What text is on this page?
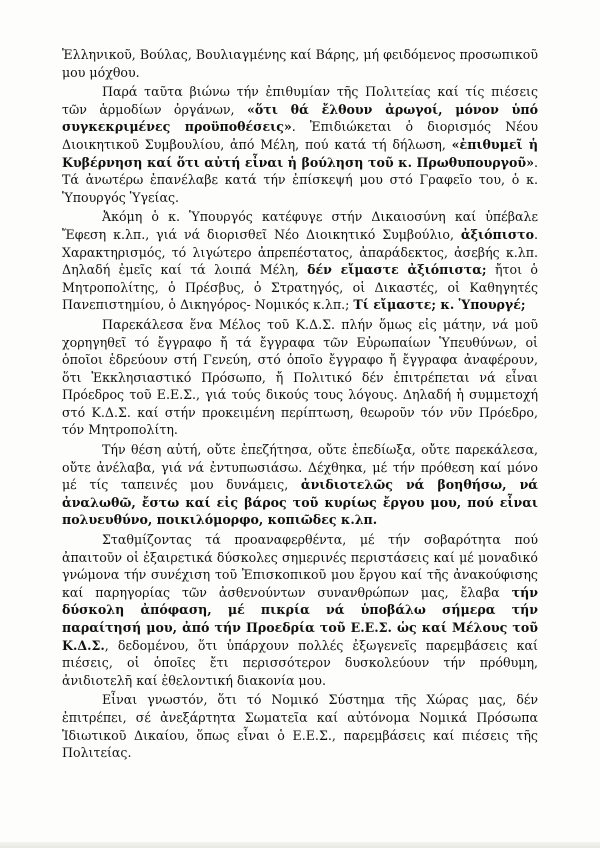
Ἑλληνικοῦ, Βούλας, Βουλιαγμένης καί Βάρης, μή φειδόμενος προσωπικοῦ μου μόχθου.

Παρά ταῦτα βιώνω τήν ἐπιθυμίαν τῆς Πολιτείας καί τίς πιέσεις τῶν ἁρμοδίων ὀργάνων, «ὅτι θά ἔλθουν ἀρωγοί, μόνον ὑπό συγκεκριμένες προϋποθέσεις». Ἐπιδιώκεται ὁ διορισμός Νέου Διοικητικοῦ Συμβουλίου, ἀπό Μέλη, πού κατά τή δήλωση, «ἐπιθυμεῖ ἡ Κυβέρνηση καί ὅτι αὐτή εἶναι ἡ βούληση τοῦ κ. Πρωθυπουργοῦ». Τά ἀνωτέρω ἐπανέλαβε κατά τήν ἐπίσκεψή μου στό Γραφεῖο του, ὁ κ. Ὑπουργός Ὑγείας.

Ἀκόμη ὁ κ. Ὑπουργός κατέφυγε στήν Δικαιοσύνη καί ὑπέβαλε Ἔφεση κ.λπ., γιά νά διορισθεῖ Νέο Διοικητικό Συμβούλιο, ἀξιόπιστο. Χαρακτηρισμός, τό λιγώτερο ἀπρεπέστατος, ἀπαράδεκτος, ἀσεβής κ.λπ. Δηλαδή ἐμεῖς καί τά λοιπά Μέλη, δέν εἴμαστε ἀξιόπιστα; ἤτοι ὁ Μητροπολίτης, ὁ Πρέσβυς, ὁ Στρατηγός, οἱ Δικαστές, οἱ Καθηγητές Πανεπιστημίου, ὁ Δικηγόρος- Νομικός κ.λπ.; Τί εἴμαστε; κ. Ὑπουργέ;

Παρεκάλεσα ἕνα Μέλος τοῦ Κ.Δ.Σ. πλήν ὅμως εἰς μάτην, νά μοῦ χορηγηθεῖ τό ἔγγραφο ἤ τά ἔγγραφα τῶν Εὐρωπαίων Ὑπευθύνων, οἱ ὁποῖοι ἑδρεύουν στή Γενεύη, στό ὁποῖο ἔγγραφο ἤ ἔγγραφα ἀναφέρουν, ὅτι Ἐκκλησιαστικό Πρόσωπο, ἤ Πολιτικό δέν ἐπιτρέπεται νά εἶναι Πρόεδρος τοῦ Ε.Ε.Σ., γιά τούς δικούς τους λόγους. Δηλαδή ἡ συμμετοχή στό Κ.Δ.Σ. καί στήν προκειμένη περίπτωση, θεωροῦν τόν νῦν Πρόεδρο, τόν Μητροπολίτη.

Τήν θέση αὐτή, οὔτε ἐπεζήτησα, οὔτε ἐπεδίωξα, οὔτε παρεκάλεσα, οὔτε ἀνέλαβα, γιά νά ἐντυπωσιάσω. Δέχθηκα, μέ τήν πρόθεση καί μόνο μέ τίς ταπεινές μου δυνάμεις, ἀνιδιοτελῶς νά βοηθήσω, νά ἀναλωθῶ, ἔστω καί εἰς βάρος τοῦ κυρίως ἔργου μου, πού εἶναι πολυευθύνο, ποικιλόμορφο, κοπιῶδες κ.λπ.

Σταθμίζοντας τά προαναφερθέντα, μέ τήν σοβαρότητα πού ἀπαιτοῦν οἱ ἐξαιρετικά δύσκολες σημερινές περιστάσεις καί μέ μοναδικό γνώμονα τήν συνέχιση τοῦ Ἐπισκοπικοῦ μου ἔργου καί τῆς ἀνακούφισης καί παρηγορίας τῶν ἀσθενούντων συνανθρώπων μας, ἔλαβα τήν δύσκολη ἀπόφαση, μέ πικρία νά ὑποβάλω σήμερα τήν παραίτησή μου, ἀπό τήν Προεδρία τοῦ Ε.Ε.Σ. ὡς καί Μέλους τοῦ Κ.Δ.Σ., δεδομένου, ὅτι ὑπάρχουν πολλές ἐξωγενεῖς παρεμβάσεις καί πιέσεις, οἱ ὁποῖες ἔτι περισσότερον δυσκολεύουν τήν πρόθυμη, ἀνιδιοτελῆ καί ἐθελοντική διακονία μου.

Εἶναι γνωστόν, ὅτι τό Νομικό Σύστημα τῆς Χώρας μας, δέν ἐπιτρέπει, σέ ἀνεξάρτητα Σωματεῖα καί αὐτόνομα Νομικά Πρόσωπα Ἰδιωτικοῦ Δικαίου, ὅπως εἶναι ὁ Ε.Ε.Σ., παρεμβάσεις καί πιέσεις τῆς Πολιτείας.
